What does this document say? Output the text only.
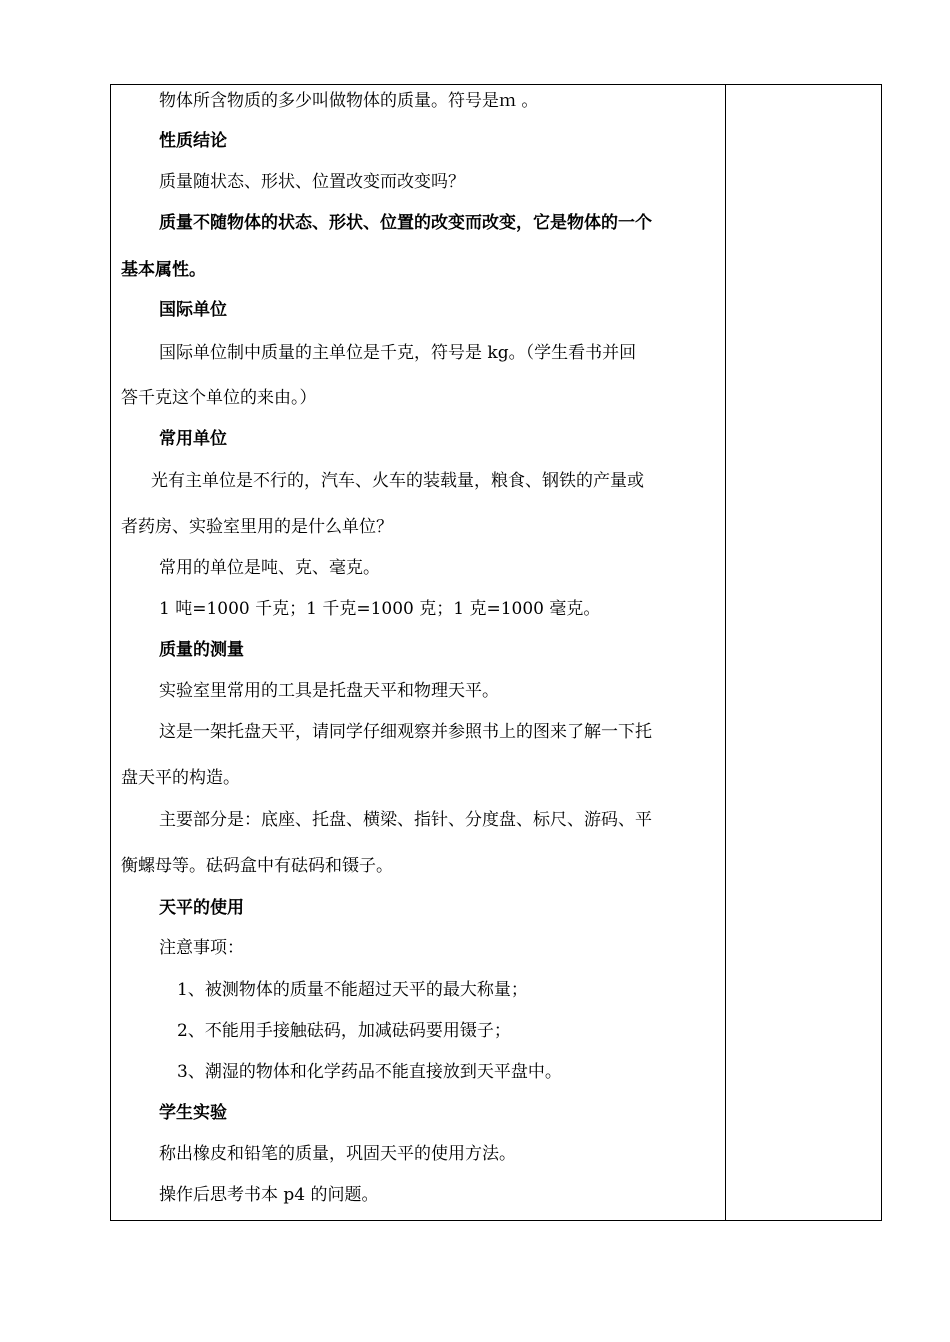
物体所含物质的多少叫做物体的质量。符号是ｍ 。
性质结论
质量随状态、形状、位置改变而改变吗？
质量不随物体的状态、形状、位置的改变而改变，它是物体的一个
基本属性。
国际单位
国际单位制中质量的主单位是千克，符号是 kg。（学生看书并回
答千克这个单位的来由。）
常用单位
光有主单位是不行的，汽车、火车的装载量，粮食、钢铁的产量或
者药房、实验室里用的是什么单位？
常用的单位是吨、克、毫克。
1 吨=1000 千克；1 千克=1000 克；1 克=1000 毫克。
质量的测量
实验室里常用的工具是托盘天平和物理天平。
这是一架托盘天平，请同学仔细观察并参照书上的图来了解一下托
盘天平的构造。
主要部分是：底座、托盘、横梁、指针、分度盘、标尺、游码、平
衡螺母等。砝码盒中有砝码和镊子。
天平的使用
注意事项：
1、被测物体的质量不能超过天平的最大称量；
2、不能用手接触砝码，加减砝码要用镊子；
3、潮湿的物体和化学药品不能直接放到天平盘中。
学生实验
称出橡皮和铅笔的质量，巩固天平的使用方法。
操作后思考书本 p4 的问题。
